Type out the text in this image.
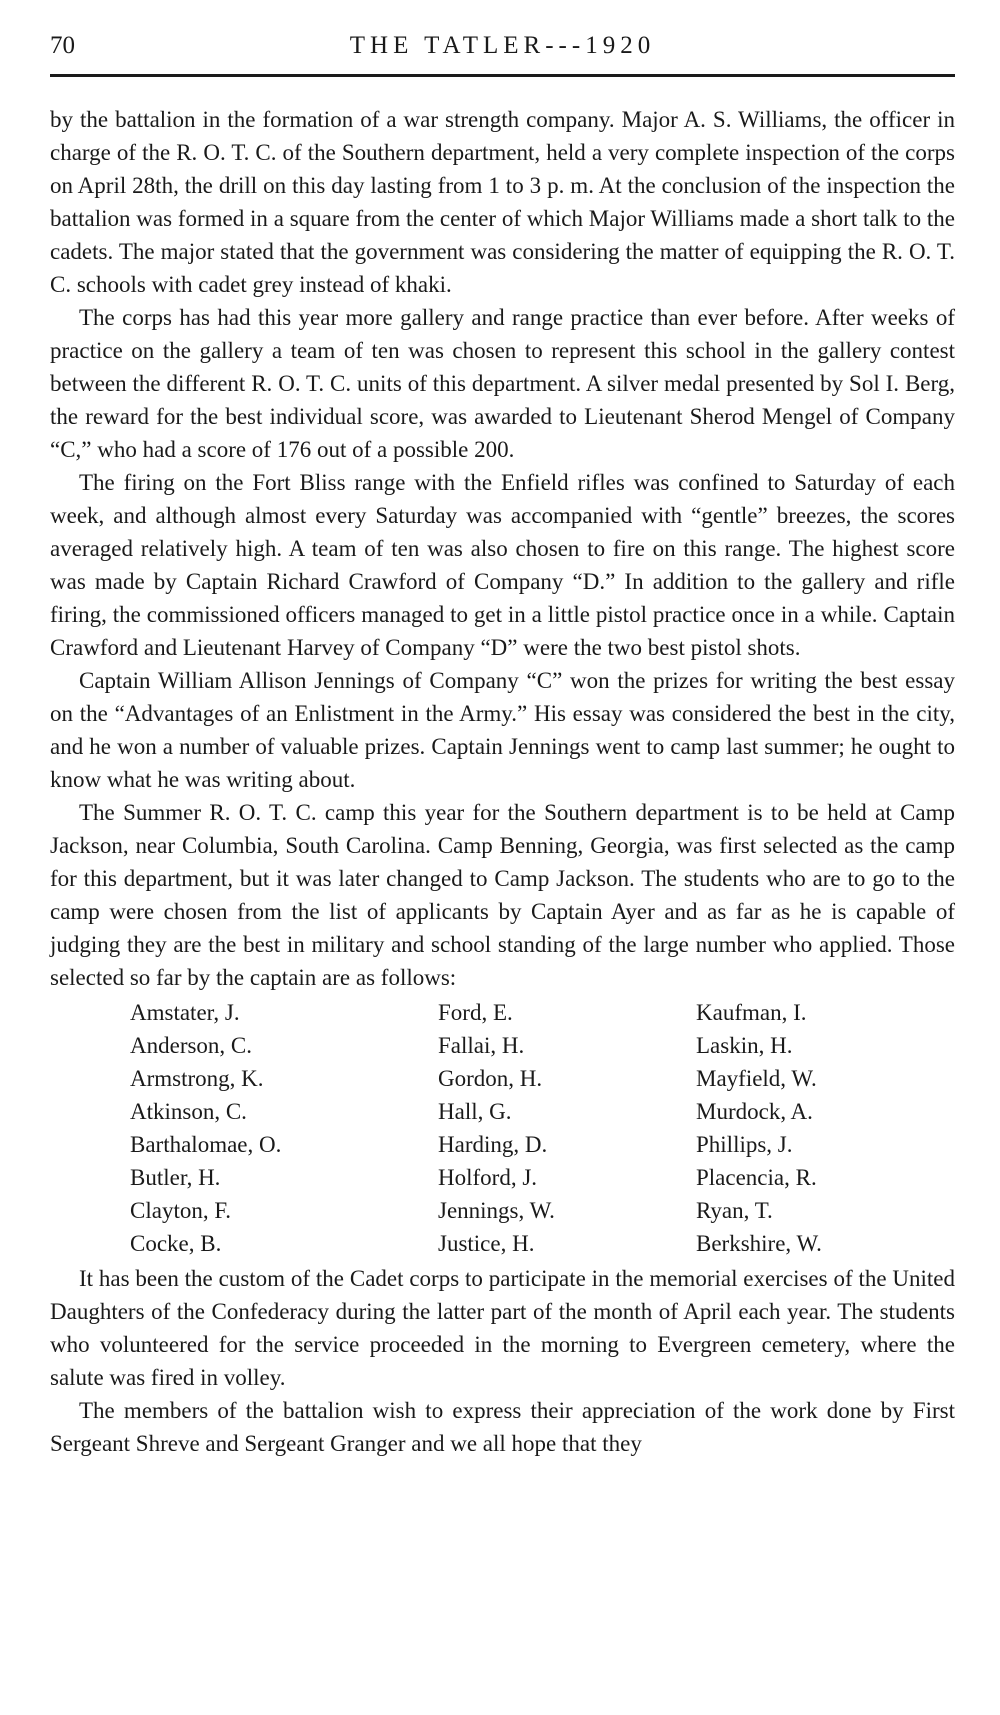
70	THE TATLER---1920

by the battalion in the formation of a war strength company. Major A. S. Williams, the officer in charge of the R. O. T. C. of the Southern department, held a very complete inspection of the corps on April 28th, the drill on this day lasting from 1 to 3 p. m. At the conclusion of the inspection the battalion was formed in a square from the center of which Major Williams made a short talk to the cadets. The major stated that the government was considering the matter of equipping the R. O. T. C. schools with cadet grey instead of khaki.

The corps has had this year more gallery and range practice than ever before. After weeks of practice on the gallery a team of ten was chosen to represent this school in the gallery contest between the different R. O. T. C. units of this department. A silver medal presented by Sol I. Berg, the reward for the best individual score, was awarded to Lieutenant Sherod Mengel of Company “C,” who had a score of 176 out of a possible 200.

The firing on the Fort Bliss range with the Enfield rifles was confined to Saturday of each week, and although almost every Saturday was accompanied with “gentle” breezes, the scores averaged relatively high. A team of ten was also chosen to fire on this range. The highest score was made by Captain Richard Crawford of Company “D.” In addition to the gallery and rifle firing, the commissioned officers managed to get in a little pistol practice once in a while. Captain Crawford and Lieutenant Harvey of Company “D” were the two best pistol shots.

Captain William Allison Jennings of Company “C” won the prizes for writing the best essay on the “Advantages of an Enlistment in the Army.” His essay was considered the best in the city, and he won a number of valuable prizes. Captain Jennings went to camp last summer; he ought to know what he was writing about.

The Summer R. O. T. C. camp this year for the Southern department is to be held at Camp Jackson, near Columbia, South Carolina. Camp Benning, Georgia, was first selected as the camp for this department, but it was later changed to Camp Jackson. The students who are to go to the camp were chosen from the list of applicants by Captain Ayer and as far as he is capable of judging they are the best in military and school standing of the large number who applied. Those selected so far by the captain are as follows:

Amstater, J.
Anderson, C.
Armstrong, K.
Atkinson, C.
Barthalomae, O.
Butler, H.
Clayton, F.
Cocke, B.
Ford, E.
Fallai, H.
Gordon, H.
Hall, G.
Harding, D.
Holford, J.
Jennings, W.
Justice, H.
Kaufman, I.
Laskin, H.
Mayfield, W.
Murdock, A.
Phillips, J.
Placencia, R.
Ryan, T.
Berkshire, W.

It has been the custom of the Cadet corps to participate in the memorial exercises of the United Daughters of the Confederacy during the latter part of the month of April each year. The students who volunteered for the service proceeded in the morning to Evergreen cemetery, where the salute was fired in volley.

The members of the battalion wish to express their appreciation of the work done by First Sergeant Shreve and Sergeant Granger and we all hope that they
